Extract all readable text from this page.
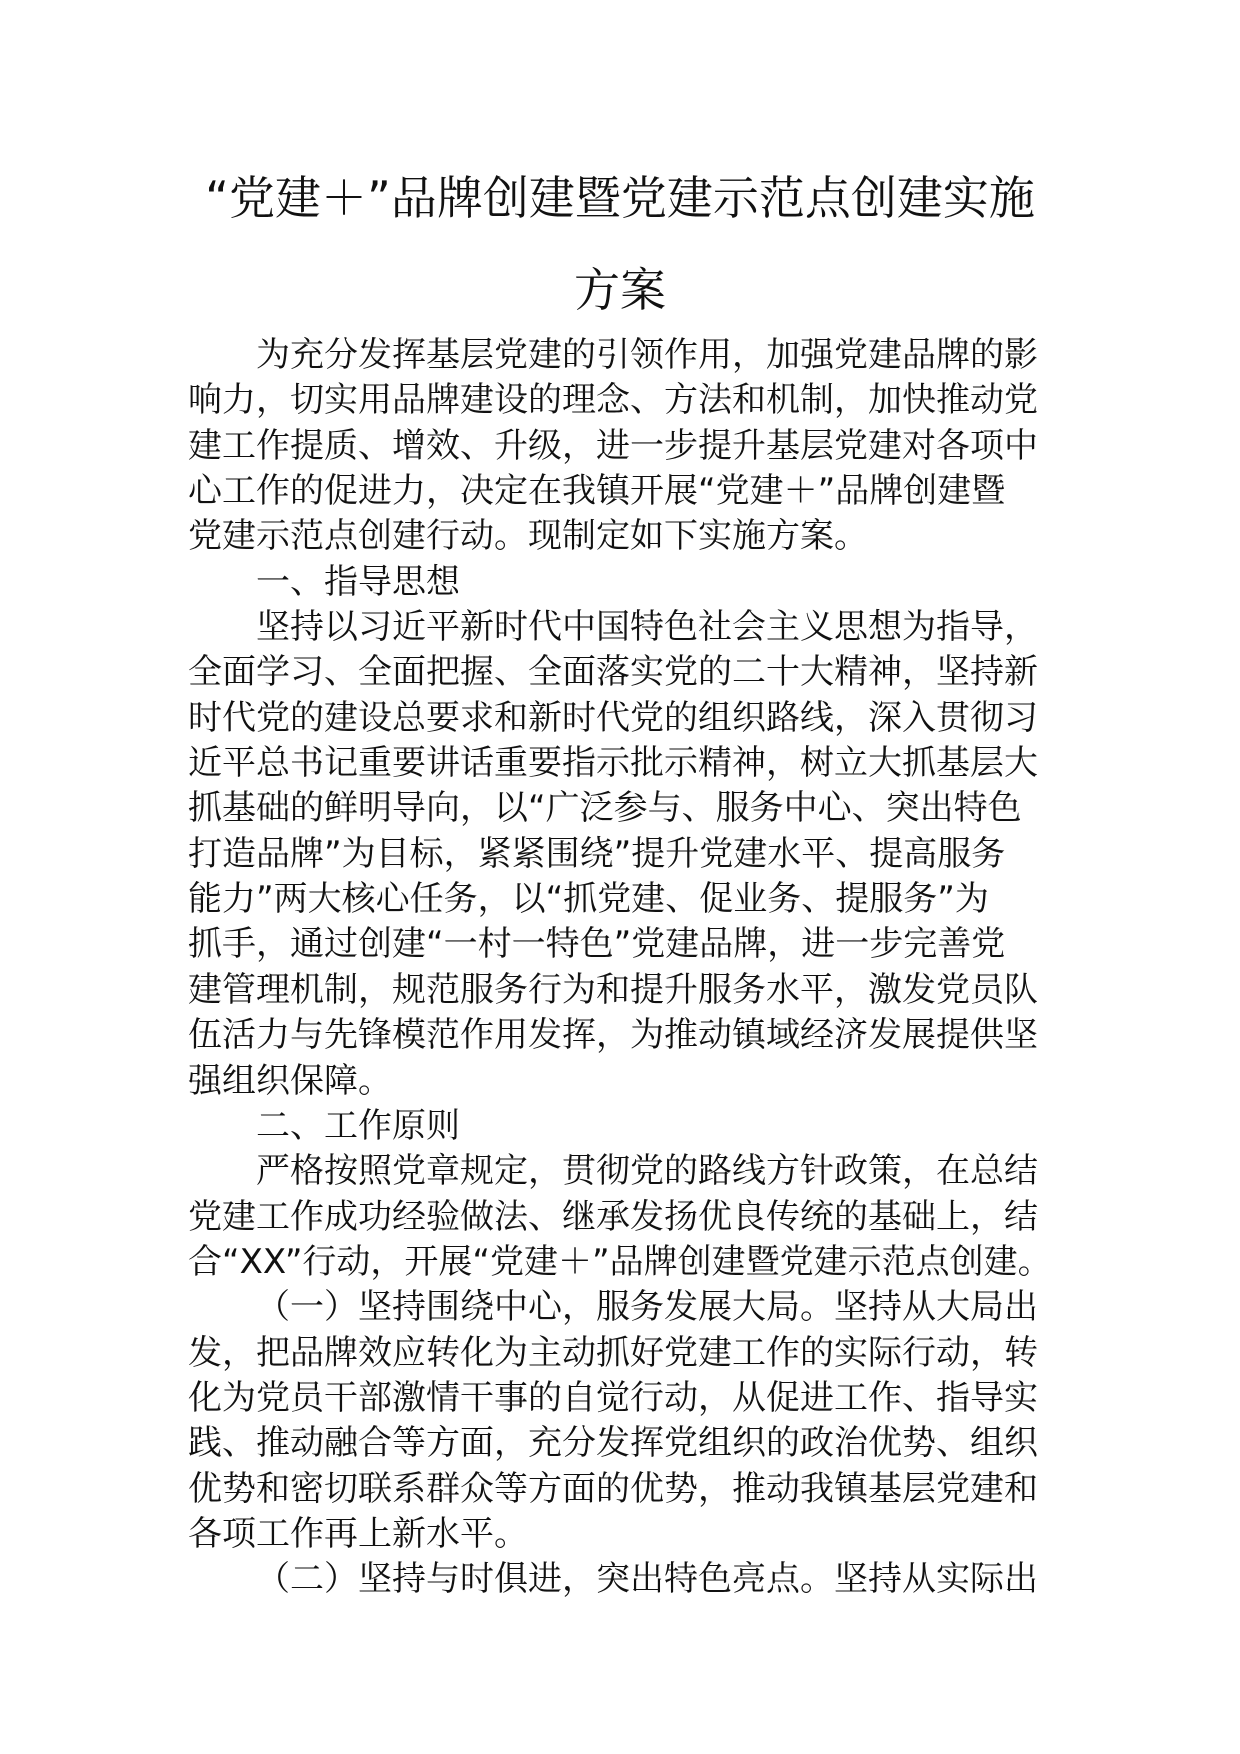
“党建＋”品牌创建暨党建示范点创建实施
方案
为充分发挥基层党建的引领作用，加强党建品牌的影
响力，切实用品牌建设的理念、方法和机制，加快推动党
建工作提质、增效、升级，进一步提升基层党建对各项中
心工作的促进力，决定在我镇开展“党建＋”品牌创建暨
党建示范点创建行动。现制定如下实施方案。
一、指导思想
坚持以习近平新时代中国特色社会主义思想为指导，
全面学习、全面把握、全面落实党的二十大精神，坚持新
时代党的建设总要求和新时代党的组织路线，深入贯彻习
近平总书记重要讲话重要指示批示精神，树立大抓基层大
抓基础的鲜明导向，以“广泛参与、服务中心、突出特色
打造品牌”为目标，紧紧围绕”提升党建水平、提高服务
能力”两大核心任务，以“抓党建、促业务、提服务”为
抓手，通过创建“一村一特色”党建品牌，进一步完善党
建管理机制，规范服务行为和提升服务水平，激发党员队
伍活力与先锋模范作用发挥，为推动镇域经济发展提供坚
强组织保障。
二、工作原则
严格按照党章规定，贯彻党的路线方针政策，在总结
党建工作成功经验做法、继承发扬优良传统的基础上，结
合“XX”行动，开展“党建＋”品牌创建暨党建示范点创建。
（一）坚持围绕中心，服务发展大局。坚持从大局出
发，把品牌效应转化为主动抓好党建工作的实际行动，转
化为党员干部激情干事的自觉行动，从促进工作、指导实
践、推动融合等方面，充分发挥党组织的政治优势、组织
优势和密切联系群众等方面的优势，推动我镇基层党建和
各项工作再上新水平。
（二）坚持与时俱进，突出特色亮点。坚持从实际出
